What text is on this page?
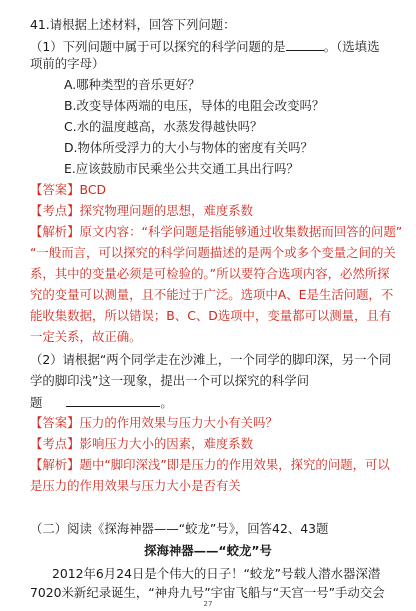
41.请根据上述材料，回答下列问题：
（1）下列问题中属于可以探究的科学问题的是	。（选填选
项前的字母）
A.哪种类型的音乐更好？
B.改变导体两端的电压，导体的电阻会改变吗？
C.水的温度越高，水蒸发得越快吗？
D.物体所受浮力的大小与物体的密度有关吗？
E.应该鼓励市民乘坐公共交通工具出行吗？
【答案】BCD
【考点】探究物理问题的思想，难度系数
【解析】原文内容：“科学问题是指能够通过收集数据而回答的问题”
“一般而言，可以探究的科学问题描述的是两个或多个变量之间的关
系，其中的变量必须是可检验的。”所以要符合选项内容，必然所探
究的变量可以测量，且不能过于广泛。选项中A、E是生活问题，不
能收集数据，所以错误；B、C、D选项中，变量都可以测量，且有
一定关系，故正确。
（2）请根据“两个同学走在沙滩上，一个同学的脚印深，另一个同
学的脚印浅”这一现象，提出一个可以探究的科学问
题	。
【答案】压力的作用效果与压力大小有关吗？
【考点】影响压力大小的因素，难度系数
【解析】题中“脚印深浅”即是压力的作用效果，探究的问题，可以
是压力的作用效果与压力大小是否有关
（二）阅读《探海神器——“蛟龙”号》，回答42、43题
探海神器——“蛟龙”号
2012年6月24日是个伟大的日子！“蛟龙”号载人潜水器深潜
7020米新纪录诞生，“神舟九号”宇宙飞船与“天宫一号”手动交会
27
